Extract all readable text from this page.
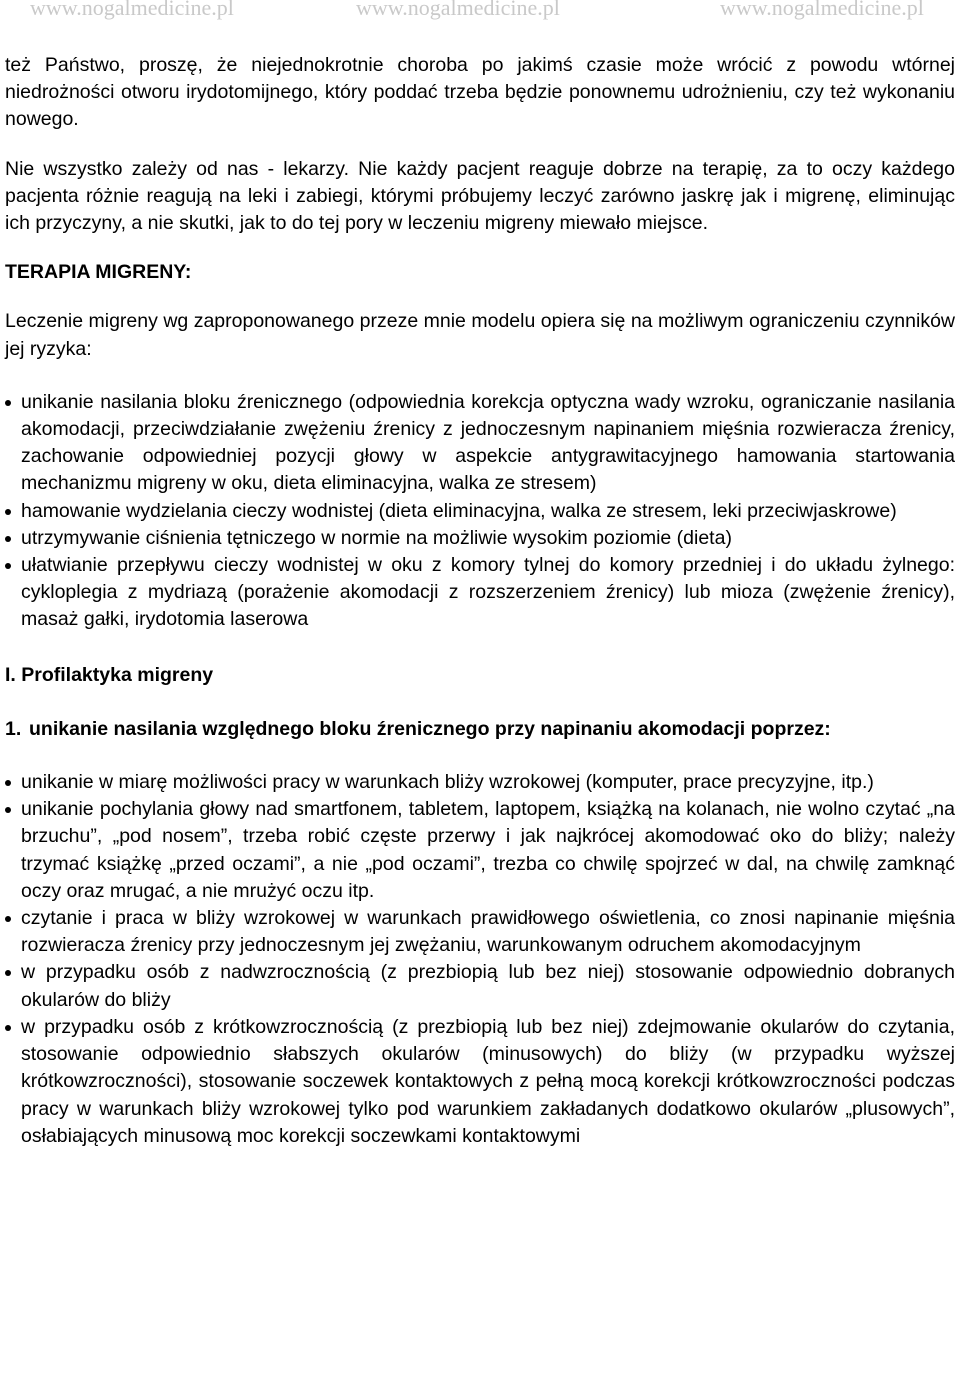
www.nogalmedicine.pl	www.nogalmedicine.pl	www.nogalmedicine.pl

też Państwo, proszę, że niejednokrotnie choroba po jakimś czasie może wrócić z powodu wtórnej niedrożności otworu irydotomijnego, który poddać trzeba będzie ponownemu udrożnieniu, czy też wykonaniu nowego.

Nie wszystko zależy od nas - lekarzy. Nie każdy pacjent reaguje dobrze na terapię, za to oczy każdego pacjenta różnie reagują na leki i zabiegi, którymi próbujemy leczyć zarówno jaskrę jak i migrenę, eliminując ich przyczyny, a nie skutki, jak to do tej pory w leczeniu migreny miewało miejsce.

TERAPIA MIGRENY:

Leczenie migreny wg zaproponowanego przeze mnie modelu opiera się na możliwym ograniczeniu czynników jej ryzyka:

unikanie nasilania bloku źrenicznego (odpowiednia korekcja optyczna wady wzroku, ograniczanie nasilania akomodacji, przeciwdziałanie zwężeniu źrenicy z jednoczesnym napinaniem mięśnia rozwieracza źrenicy, zachowanie odpowiedniej pozycji głowy w aspekcie antygrawitacyjnego hamowania startowania mechanizmu migreny w oku, dieta eliminacyjna, walka ze stresem)
hamowanie wydzielania cieczy wodnistej (dieta eliminacyjna, walka ze stresem, leki przeciwjaskrowe)
utrzymywanie ciśnienia tętniczego w normie na możliwie wysokim poziomie (dieta)
ułatwianie przepływu cieczy wodnistej w oku z komory tylnej do komory przedniej i do układu żylnego: cykloplegia z mydriazą (porażenie akomodacji z rozszerzeniem źrenicy) lub mioza (zwężenie źrenicy), masaż gałki, irydotomia laserowa

I. Profilaktyka migreny

1. unikanie nasilania względnego bloku źrenicznego przy napinaniu akomodacji poprzez:
unikanie w miarę możliwości pracy w warunkach bliży wzrokowej (komputer, prace precyzyjne, itp.)
unikanie pochylania głowy nad smartfonem, tabletem, laptopem, książką na kolanach, nie wolno czytać „na brzuchu”, „pod nosem”, trzeba robić częste przerwy i jak najkrócej akomodować oko do bliży; należy trzymać książkę „przed oczami”, a nie „pod oczami”, trezba co chwilę spojrzeć w dal, na chwilę zamknąć oczy oraz mrugać, a nie mrużyć oczu itp.
czytanie i praca w bliży wzrokowej w warunkach prawidłowego oświetlenia, co znosi napinanie mięśnia rozwieracza źrenicy przy jednoczesnym jej zwężaniu, warunkowanym odruchem akomodacyjnym
w przypadku osób z nadwzrocznością (z prezbiopią lub bez niej) stosowanie odpowiednio dobranych okularów do bliży
w przypadku osób z krótkowzrocznością (z prezbiopią lub bez niej) zdejmowanie okularów do czytania, stosowanie odpowiednio słabszych okularów (minusowych) do bliży (w przypadku wyższej krótkowzroczności), stosowanie soczewek kontaktowych z pełną mocą korekcji krótkowzroczności podczas pracy w warunkach bliży wzrokowej tylko pod warunkiem zakładanych dodatkowo okularów „plusowych”, osłabiających minusową moc korekcji soczewkami kontaktowymi
